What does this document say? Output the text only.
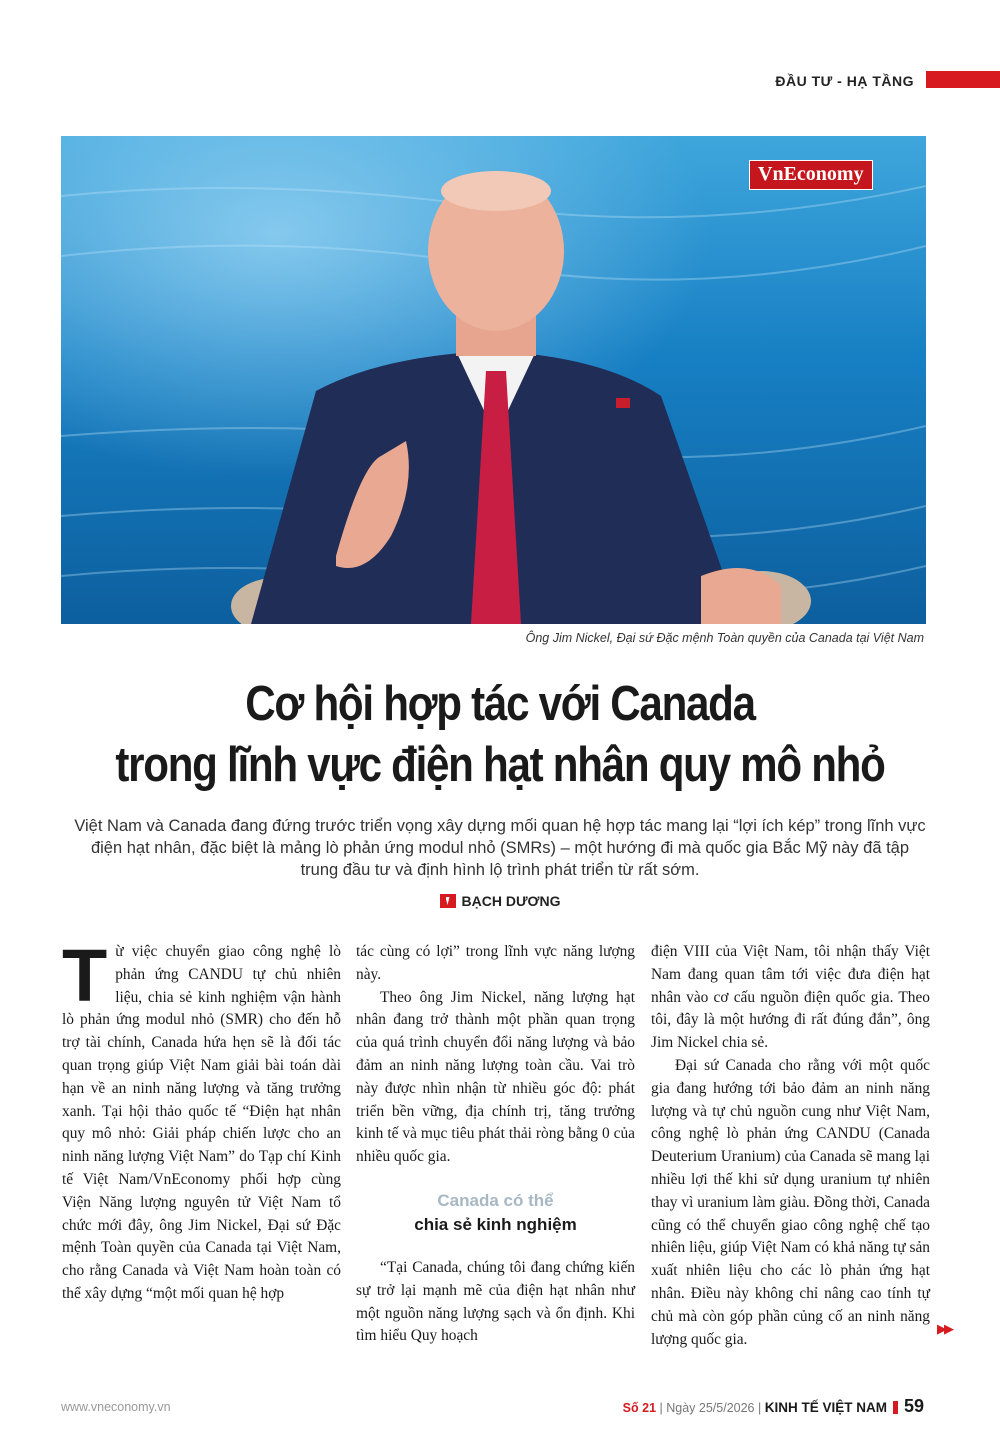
ĐẦU TƯ - HẠ TẦNG
VnEconomy
Ông Jim Nickel, Đại sứ Đặc mệnh Toàn quyền của Canada tại Việt Nam
Cơ hội hợp tác với Canada
trong lĩnh vực điện hạt nhân quy mô nhỏ
Việt Nam và Canada đang đứng trước triển vọng xây dựng mối quan hệ hợp tác mang lại “lợi ích kép” trong lĩnh vực điện hạt nhân, đặc biệt là mảng lò phản ứng modul nhỏ (SMRs) – một hướng đi mà quốc gia Bắc Mỹ này đã tập trung đầu tư và định hình lộ trình phát triển từ rất sớm.
BẠCH DƯƠNG

Từ việc chuyển giao công nghệ lò phản ứng CANDU tự chủ nhiên liệu, chia sẻ kinh nghiệm vận hành lò phản ứng modul nhỏ (SMR) cho đến hỗ trợ tài chính, Canada hứa hẹn sẽ là đối tác quan trọng giúp Việt Nam giải bài toán dài hạn về an ninh năng lượng và tăng trưởng xanh. Tại hội thảo quốc tế “Điện hạt nhân quy mô nhỏ: Giải pháp chiến lược cho an ninh năng lượng Việt Nam” do Tạp chí Kinh tế Việt Nam/VnEconomy phối hợp cùng Viện Năng lượng nguyên tử Việt Nam tổ chức mới đây, ông Jim Nickel, Đại sứ Đặc mệnh Toàn quyền của Canada tại Việt Nam, cho rằng Canada và Việt Nam hoàn toàn có thể xây dựng “một mối quan hệ hợp

tác cùng có lợi” trong lĩnh vực năng lượng này.

Theo ông Jim Nickel, năng lượng hạt nhân đang trở thành một phần quan trọng của quá trình chuyển đổi năng lượng và bảo đảm an ninh năng lượng toàn cầu. Vai trò này được nhìn nhận từ nhiều góc độ: phát triển bền vững, địa chính trị, tăng trưởng kinh tế và mục tiêu phát thải ròng bằng 0 của nhiều quốc gia.

Canada có thể
chia sẻ kinh nghiệm

“Tại Canada, chúng tôi đang chứng kiến sự trở lại mạnh mẽ của điện hạt nhân như một nguồn năng lượng sạch và ổn định. Khi tìm hiểu Quy hoạch

điện VIII của Việt Nam, tôi nhận thấy Việt Nam đang quan tâm tới việc đưa điện hạt nhân vào cơ cấu nguồn điện quốc gia. Theo tôi, đây là một hướng đi rất đúng đắn”, ông Jim Nickel chia sẻ.

Đại sứ Canada cho rằng với một quốc gia đang hướng tới bảo đảm an ninh năng lượng và tự chủ nguồn cung như Việt Nam, công nghệ lò phản ứng CANDU (Canada Deuterium Uranium) của Canada sẽ mang lại nhiều lợi thế khi sử dụng uranium tự nhiên thay vì uranium làm giàu. Đồng thời, Canada cũng có thể chuyển giao công nghệ chế tạo nhiên liệu, giúp Việt Nam có khả năng tự sản xuất nhiên liệu cho các lò phản ứng hạt nhân. Điều này không chỉ nâng cao tính tự chủ mà còn góp phần củng cố an ninh năng lượng quốc gia.

▶▶
www.vneconomy.vn	Số 21 | Ngày 25/5/2026 | KINH TẾ VIỆT NAM 59
